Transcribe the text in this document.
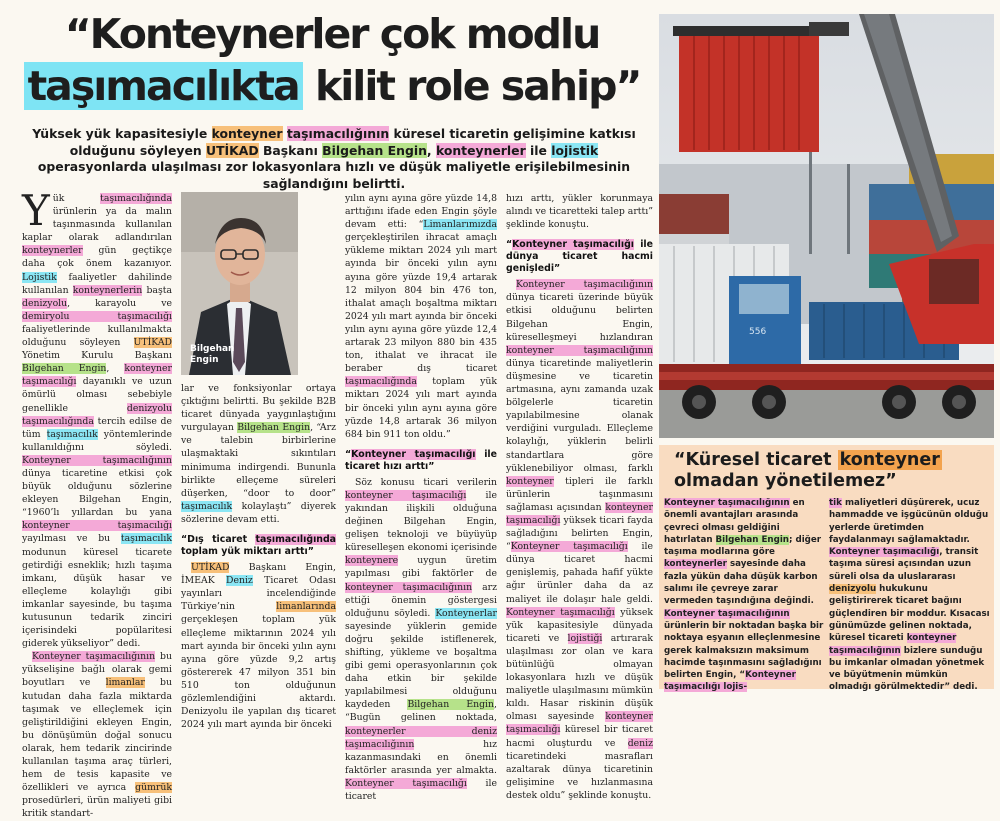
“Konteynerler çok modlu
taşımacılıkta kilit role sahip”
Yüksek yük kapasitesiyle konteyner taşımacılığının küresel ticaretin gelişimine katkısı olduğunu söyleyen UTİKAD Başkanı Bilgehan Engin, konteynerler ile lojistik operasyonlarda ulaşılması zor lokasyonlara hızlı ve düşük maliyetle erişilebilmesinin sağlandığını belirtti.
556

Yük taşımacılığında ürünlerin ya da malın taşınmasında kullanılan kaplar olarak adlandırılan konteynerler gün geçtikçe daha çok önem kazanıyor. Lojistik faaliyetler dahilinde kullanılan konteynerlerin başta denizyolu, karayolu ve demiryolu taşımacılığı faaliyetlerinde kullanılmakta olduğunu söyleyen UTİKAD Yönetim Kurulu Başkanı Bilgehan Engin, konteyner taşımacılığı dayanıklı ve uzun ömürlü olması sebebiyle genellikle denizyolu taşımacılığında tercih edilse de tüm taşımacılık yöntemlerinde kullanıldığını söyledi. Konteyner taşımacılığının dünya ticaretine etkisi çok büyük olduğunu sözlerine ekleyen Bilgehan Engin, “1960’lı yıllardan bu yana konteyner taşımacılığı yayılması ve bu taşımacılık modunun küresel ticarete getirdiği esneklik; hızlı taşıma imkanı, düşük hasar ve elleçleme kolaylığı gibi imkanlar sayesinde, bu taşıma kutusunun tedarik zinciri içerisindeki popülaritesi giderek yükseliyor” dedi.

Konteyner taşımacılığının bu yükselişine bağlı olarak gemi boyutları ve limanlar bu kutudan daha fazla miktarda taşımak ve elleçlemek için geliştirildiğini ekleyen Engin, bu dönüşümün doğal sonucu olarak, hem tedarik zincirinde kullanılan taşıma araç türleri, hem de tesis kapasite ve özellikleri ve ayrıca gümrük prosedürleri, ürün maliyeti gibi kritik standart-

Bilgehan
Engin

lar ve fonksiyonlar ortaya çıktığını belirtti. Bu şekilde B2B ticaret dünyada yaygınlaştığını vurgulayan Bilgehan Engin, “Arz ve talebin birbirlerine ulaşmaktaki sıkıntıları minimuma indirgendi. Bununla birlikte elleçeme süreleri düşerken, “door to door” taşımacılık kolaylaştı” diyerek sözlerine devam etti.

“Dış ticaret taşımacılığında toplam yük miktarı arttı”

UTİKAD Başkanı Engin, İMEAK Deniz Ticaret Odası yayınları incelendiğinde Türkiye’nin limanlarında gerçekleşen toplam yük elleçleme miktarının 2024 yılı mart ayında bir önceki yılın aynı ayına göre yüzde 9,2 artış göstererek 47 milyon 351 bin 510 ton olduğunun gözlemlendiğini aktardı. Denizyolu ile yapılan dış ticaret 2024 yılı mart ayında bir önceki

yılın aynı ayına göre yüzde 14,8 arttığını ifade eden Engin şöyle devam etti: “Limanlarımızda gerçekleştirilen ihracat amaçlı yükleme miktarı 2024 yılı mart ayında bir önceki yılın aynı ayına göre yüzde 19,4 artarak 12 milyon 804 bin 476 ton, ithalat amaçlı boşaltma miktarı 2024 yılı mart ayında bir önceki yılın aynı ayına göre yüzde 12,4 artarak 23 milyon 880 bin 435 ton, ithalat ve ihracat ile beraber dış ticaret taşımacılığında toplam yük miktarı 2024 yılı mart ayında bir önceki yılın aynı ayına göre yüzde 14,8 artarak 36 milyon 684 bin 911 ton oldu.”

“Konteyner taşımacılığı ile ticaret hızı arttı”

Söz konusu ticari verilerin konteyner taşımacılığı ile yakından ilişkili olduğuna değinen Bilgehan Engin, gelişen teknoloji ve büyüyüp küreselleşen ekonomi içerisinde konteynere uygun üretim yapılması gibi faktörler de konteyner taşımacılığının arz ettiği önemin göstergesi olduğunu söyledi. Konteynerlar sayesinde yüklerin gemide doğru şekilde istiflenerek, shifting, yükleme ve boşaltma gibi gemi operasyonlarının çok daha etkin bir şekilde yapılabilmesi olduğunu kaydeden Bilgehan Engin, “Bugün gelinen noktada, konteynerler deniz taşımacılığının hız kazanmasındaki en önemli faktörler arasında yer almakta. Konteyner taşımacılığı ile ticaret

hızı arttı, yükler korunmaya alındı ve ticaretteki talep arttı” şeklinde konuştu.

“Konteyner taşımacılığı ile dünya ticaret hacmi genişledi”

Konteyner taşımacılığının dünya ticareti üzerinde büyük etkisi olduğunu belirten Bilgehan Engin, küreselleşmeyi hızlandıran konteyner taşımacılığının dünya ticaretinde maliyetlerin düşmesine ve ticaretin artmasına, aynı zamanda uzak bölgelerle ticaretin yapılabilmesine olanak verdiğini vurguladı. Elleçleme kolaylığı, yüklerin belirli standartlara göre yüklenebiliyor olması, farklı konteyner tipleri ile farklı ürünlerin taşınmasını sağlaması açısından konteyner taşımacılığı yüksek ticari fayda sağladığını belirten Engin, “Konteyner taşımacılığı ile dünya ticaret hacmi genişlemiş, pahada hafif yükte ağır ürünler daha da az maliyet ile dolaşır hale geldi. Konteyner taşımacılığı yüksek yük kapasitesiyle dünyada ticareti ve lojistiği artırarak ulaşılması zor olan ve kara bütünlüğü olmayan lokasyonlara hızlı ve düşük maliyetle ulaşılmasını mümkün kıldı. Hasar riskinin düşük olması sayesinde konteyner taşımacılığı küresel bir ticaret hacmi oluşturdu ve deniz ticaretindeki masrafları azaltarak dünya ticaretinin gelişimine ve hızlanmasına destek oldu” şeklinde konuştu.

“Küresel ticaret konteyner olmadan yönetilemez”
Konteyner taşımacılığının en önemli avantajları arasında çevreci olması geldiğini hatırlatan Bilgehan Engin; diğer taşıma modlarına göre konteynerler sayesinde daha fazla yükün daha düşük karbon salımı ile çevreye zarar vermeden taşındığına değindi. Konteyner taşımacılığının ürünlerin bir noktadan başka bir noktaya eşyanın elleçlenmesine gerek kalmaksızın maksimum hacimde taşınmasını sağladığını belirten Engin, “Konteyner taşımacılığı lojis-
tik maliyetleri düşürerek, ucuz hammadde ve işgücünün olduğu yerlerde üretimden faydalanmayı sağlamaktadır. Konteyner taşımacılığı, transit taşıma süresi açısından uzun süreli olsa da uluslararası denizyolu hukukunu geliştirirerek ticaret bağını güçlendiren bir moddur. Kısacası günümüzde gelinen noktada, küresel ticareti konteyner taşımacılığının bizlere sunduğu bu imkanlar olmadan yönetmek ve büyütmenin mümkün olmadığı görülmektedir” dedi.
